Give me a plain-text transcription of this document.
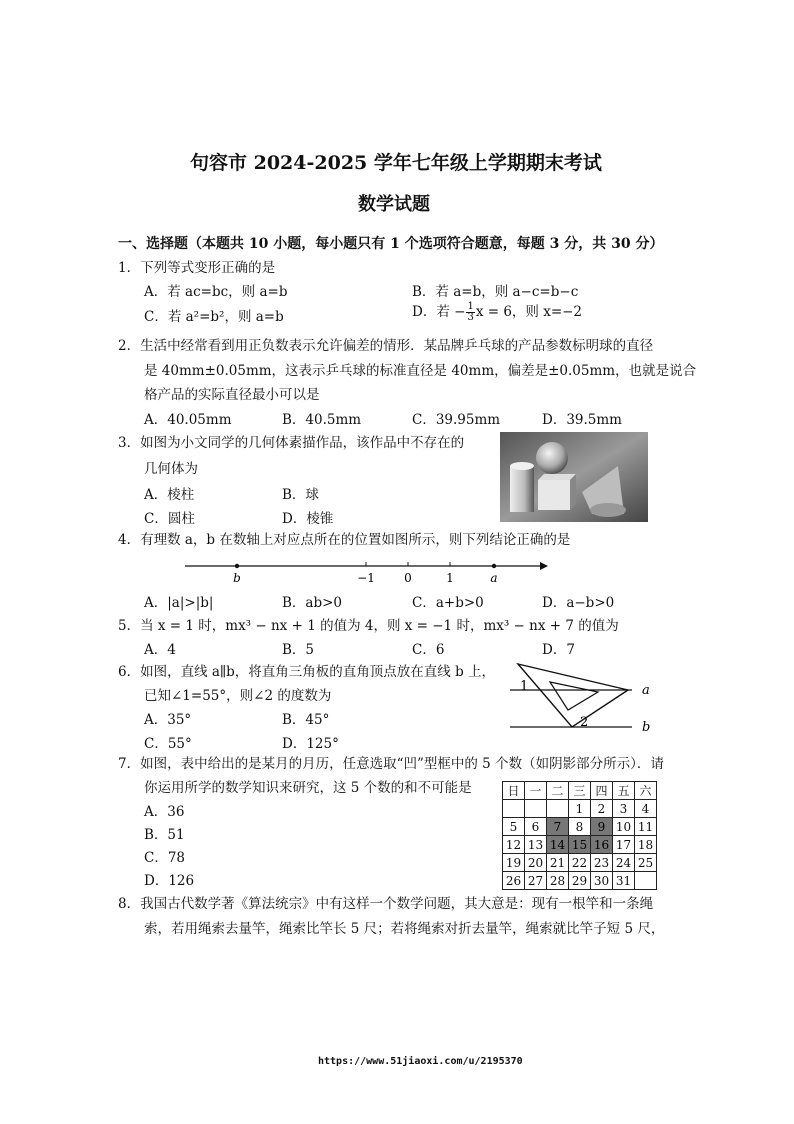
句容市 2024-2025 学年七年级上学期期末考试
数学试题
一、选择题（本题共 10 小题，每小题只有 1 个选项符合题意，每题 3 分，共 30 分）
1．下列等式变形正确的是
A．若 ac=bc，则 a=b	B．若 a=b，则 a−c=b−c
C．若 a²=b²，则 a=b	D．若 − $\frac{1}{3}$ x = 6，则 x=−2
2．生活中经常看到用正负数表示允许偏差的情形．某品牌乒乓球的产品参数标明球的直径
是 40mm±0.05mm，这表示乒乓球的标准直径是 40mm，偏差是±0.05mm，也就是说合
格产品的实际直径最小可以是
A．40.05mm	B．40.5mm	C．39.95mm	D．39.5mm
3．如图为小文同学的几何体素描作品，该作品中不存在的
几何体为
A．棱柱	B．球
C．圆柱	D．棱锥
4．有理数 a，b 在数轴上对应点所在的位置如图所示，则下列结论正确的是
b	−1 0	1	a
A．|a|>|b|	B．ab>0	C．a+b>0	D．a−b>0
5．当 x = 1 时，mx³ − nx + 1 的值为 4，则 x = −1 时，mx³ − nx + 7 的值为
A．4	B．5	C．6	D．7
6．如图，直线 a∥b，将直角三角板的直角顶点放在直线 b 上，
已知∠1=55°，则∠2 的度数为
A．35°	B．45°
C．55°	D．125°
1
2
a
b
7．如图，表中给出的是某月的月历，任意选取“凹”型框中的 5 个数（如阴影部分所示）．请
你运用所学的数学知识来研究，这 5 个数的和不可能是
A．36
B．51
C．78
D．126
日	一	二	三	四	五	六
			1	2	3	4
5	6	7	8	9	10	11
12	13	14	15	16	17	18
19	20	21	22	23	24	25
26	27	28	29	30	31	
8．我国古代数学著《算法统宗》中有这样一个数学问题，其大意是：现有一根竿和一条绳
索，若用绳索去量竿，绳索比竿长 5 尺；若将绳索对折去量竿，绳索就比竿子短 5 尺，
https://www.51jiaoxi.com/u/2195370
